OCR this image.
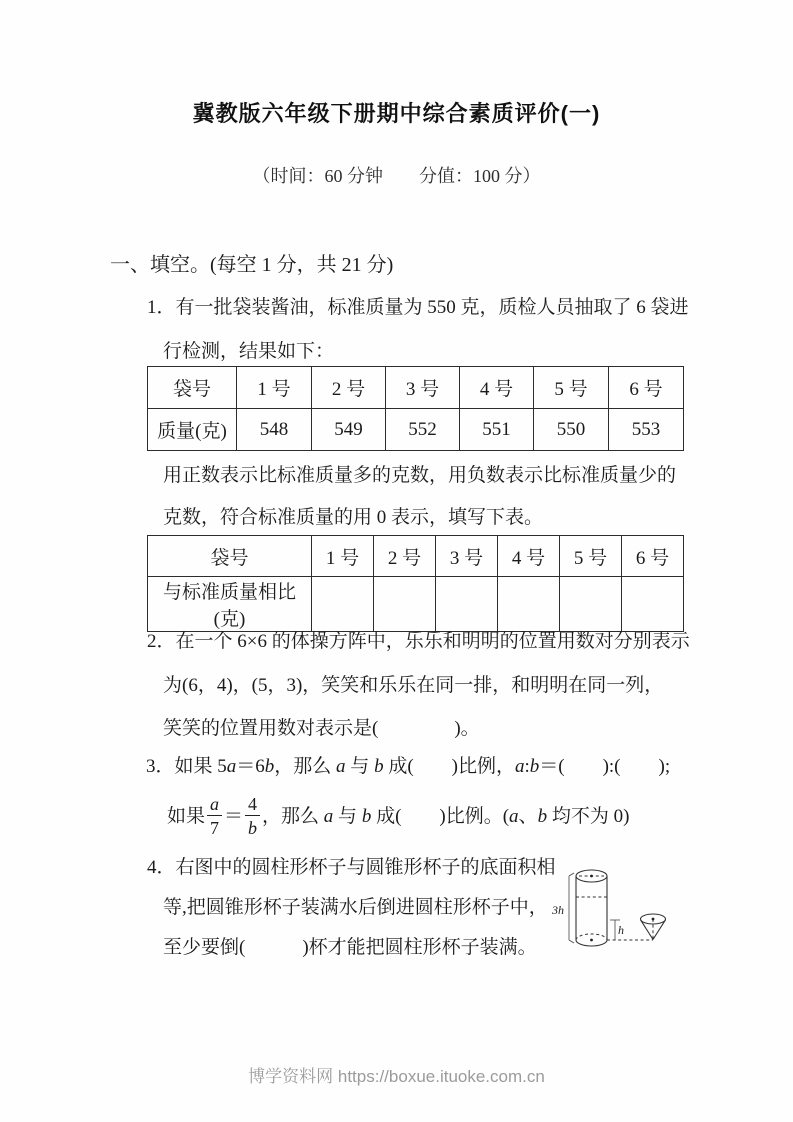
冀教版六年级下册期中综合素质评价(一)
（时间：60 分钟　　分值：100 分）
一、填空。(每空 1 分，共 21 分)
1．有一批袋装酱油，标准质量为 550 克，质检人员抽取了 6 袋进
行检测，结果如下：
袋号	1 号	2 号	3 号	4 号	5 号	6 号
质量(克)	548	549	552	551	550	553
用正数表示比标准质量多的克数，用负数表示比标准质量少的
克数，符合标准质量的用 0 表示，填写下表。
袋号	1 号	2 号	3 号	4 号	5 号	6 号
与标准质量相比(克)						
2．在一个 6×6 的体操方阵中，乐乐和明明的位置用数对分别表示
为(6，4)，(5，3)，笑笑和乐乐在同一排，和明明在同一列，
笑笑的位置用数对表示是(　　　　)。
3．如果 5a＝6b，那么 a 与 b 成(　　)比例，a:b＝(　　):(　　);
如果 $\frac{a}{7} = \frac{4}{b}$ ，那么 a 与 b 成(　　)比例。(a、b 均不为 0)
4．右图中的圆柱形杯子与圆锥形杯子的底面积相
等,把圆锥形杯子装满水后倒进圆柱形杯子中，
至少要倒(　　　)杯才能把圆柱形杯子装满。
3h
h
博学资料网 https://boxue.ituoke.com.cn
